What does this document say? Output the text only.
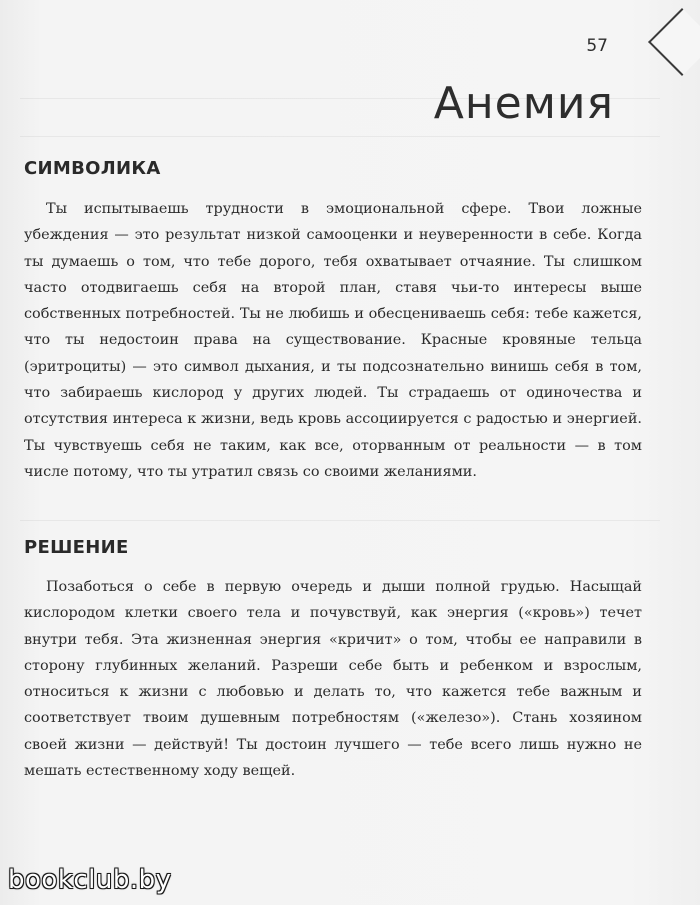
57
Анемия
СИМВОЛИКА

Ты испытываешь трудности в эмоциональной сфере. Твои ложные убеждения — это результат низкой самооценки и неуверенности в себе. Когда ты думаешь о том, что тебе дорого, тебя охватывает отчаяние. Ты слишком часто отодвигаешь себя на второй план, ставя чьи-то интересы выше собственных потребностей. Ты не любишь и обесцениваешь себя: тебе кажется, что ты недостоин права на существование. Красные кровяные тельца (эритроциты) — это символ дыхания, и ты подсознательно винишь себя в том, что забираешь кислород у других людей. Ты страдаешь от одиночества и отсутствия интереса к жизни, ведь кровь ассоциируется с радостью и энергией. Ты чувствуешь себя не таким, как все, оторванным от реальности — в том числе потому, что ты утратил связь со своими желаниями.

РЕШЕНИЕ

Позаботься о себе в первую очередь и дыши полной грудью. Насыщай кислородом клетки своего тела и почувствуй, как энергия («кровь») течет внутри тебя. Эта жизненная энергия «кричит» о том, чтобы ее направили в сторону глубинных желаний. Разреши себе быть и ребенком и взрослым, относиться к жизни с любовью и делать то, что кажется тебе важным и соответствует твоим душевным потребностям («железо»). Стань хозяином своей жизни — действуй! Ты достоин лучшего — тебе всего лишь нужно не мешать естественному ходу вещей.

bookclub.by
